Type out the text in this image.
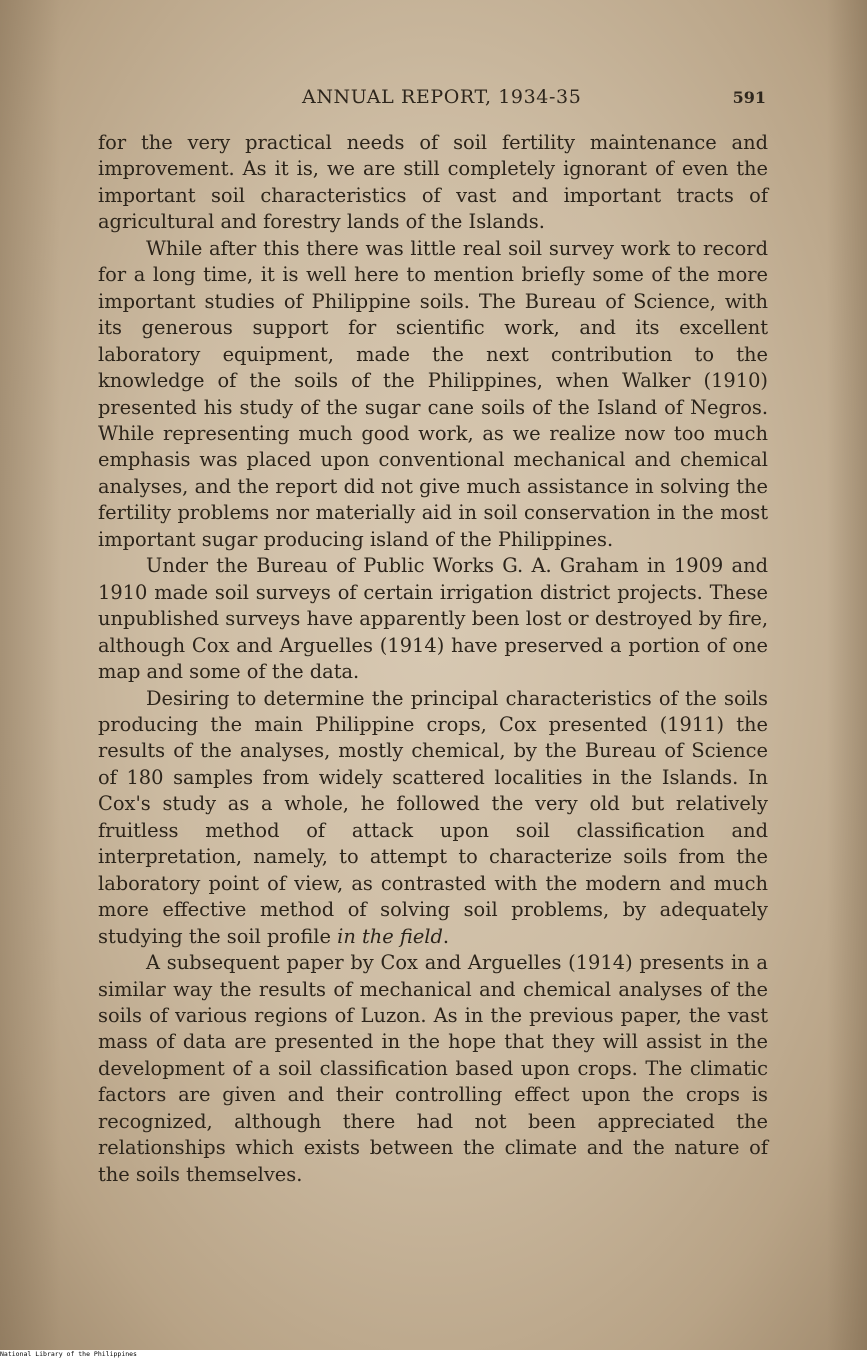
ANNUAL REPORT, 1934-35	591

for the very practical needs of soil fertility maintenance and improvement. As it is, we are still completely ignorant of even the important soil characteristics of vast and important tracts of agricultural and forestry lands of the Islands.

While after this there was little real soil survey work to record for a long time, it is well here to mention briefly some of the more important studies of Philippine soils. The Bureau of Science, with its generous support for scientific work, and its excellent laboratory equipment, made the next contribution to the knowledge of the soils of the Philippines, when Walker (1910) presented his study of the sugar cane soils of the Island of Negros. While representing much good work, as we realize now too much emphasis was placed upon conventional mechanical and chemical analyses, and the report did not give much assistance in solving the fertility problems nor materially aid in soil conservation in the most important sugar producing island of the Philippines.

Under the Bureau of Public Works G. A. Graham in 1909 and 1910 made soil surveys of certain irrigation district projects. These unpublished surveys have apparently been lost or destroyed by fire, although Cox and Arguelles (1914) have preserved a portion of one map and some of the data.

Desiring to determine the principal characteristics of the soils producing the main Philippine crops, Cox presented (1911) the results of the analyses, mostly chemical, by the Bureau of Science of 180 samples from widely scattered localities in the Islands. In Cox's study as a whole, he followed the very old but relatively fruitless method of attack upon soil classification and interpretation, namely, to attempt to characterize soils from the laboratory point of view, as contrasted with the modern and much more effective method of solving soil problems, by adequately studying the soil profile in the field.

A subsequent paper by Cox and Arguelles (1914) presents in a similar way the results of mechanical and chemical analyses of the soils of various regions of Luzon. As in the previous paper, the vast mass of data are presented in the hope that they will assist in the development of a soil classification based upon crops. The climatic factors are given and their controlling effect upon the crops is recognized, although there had not been appreciated the relationships which exists between the climate and the nature of the soils themselves.

National Library of the Philippines
